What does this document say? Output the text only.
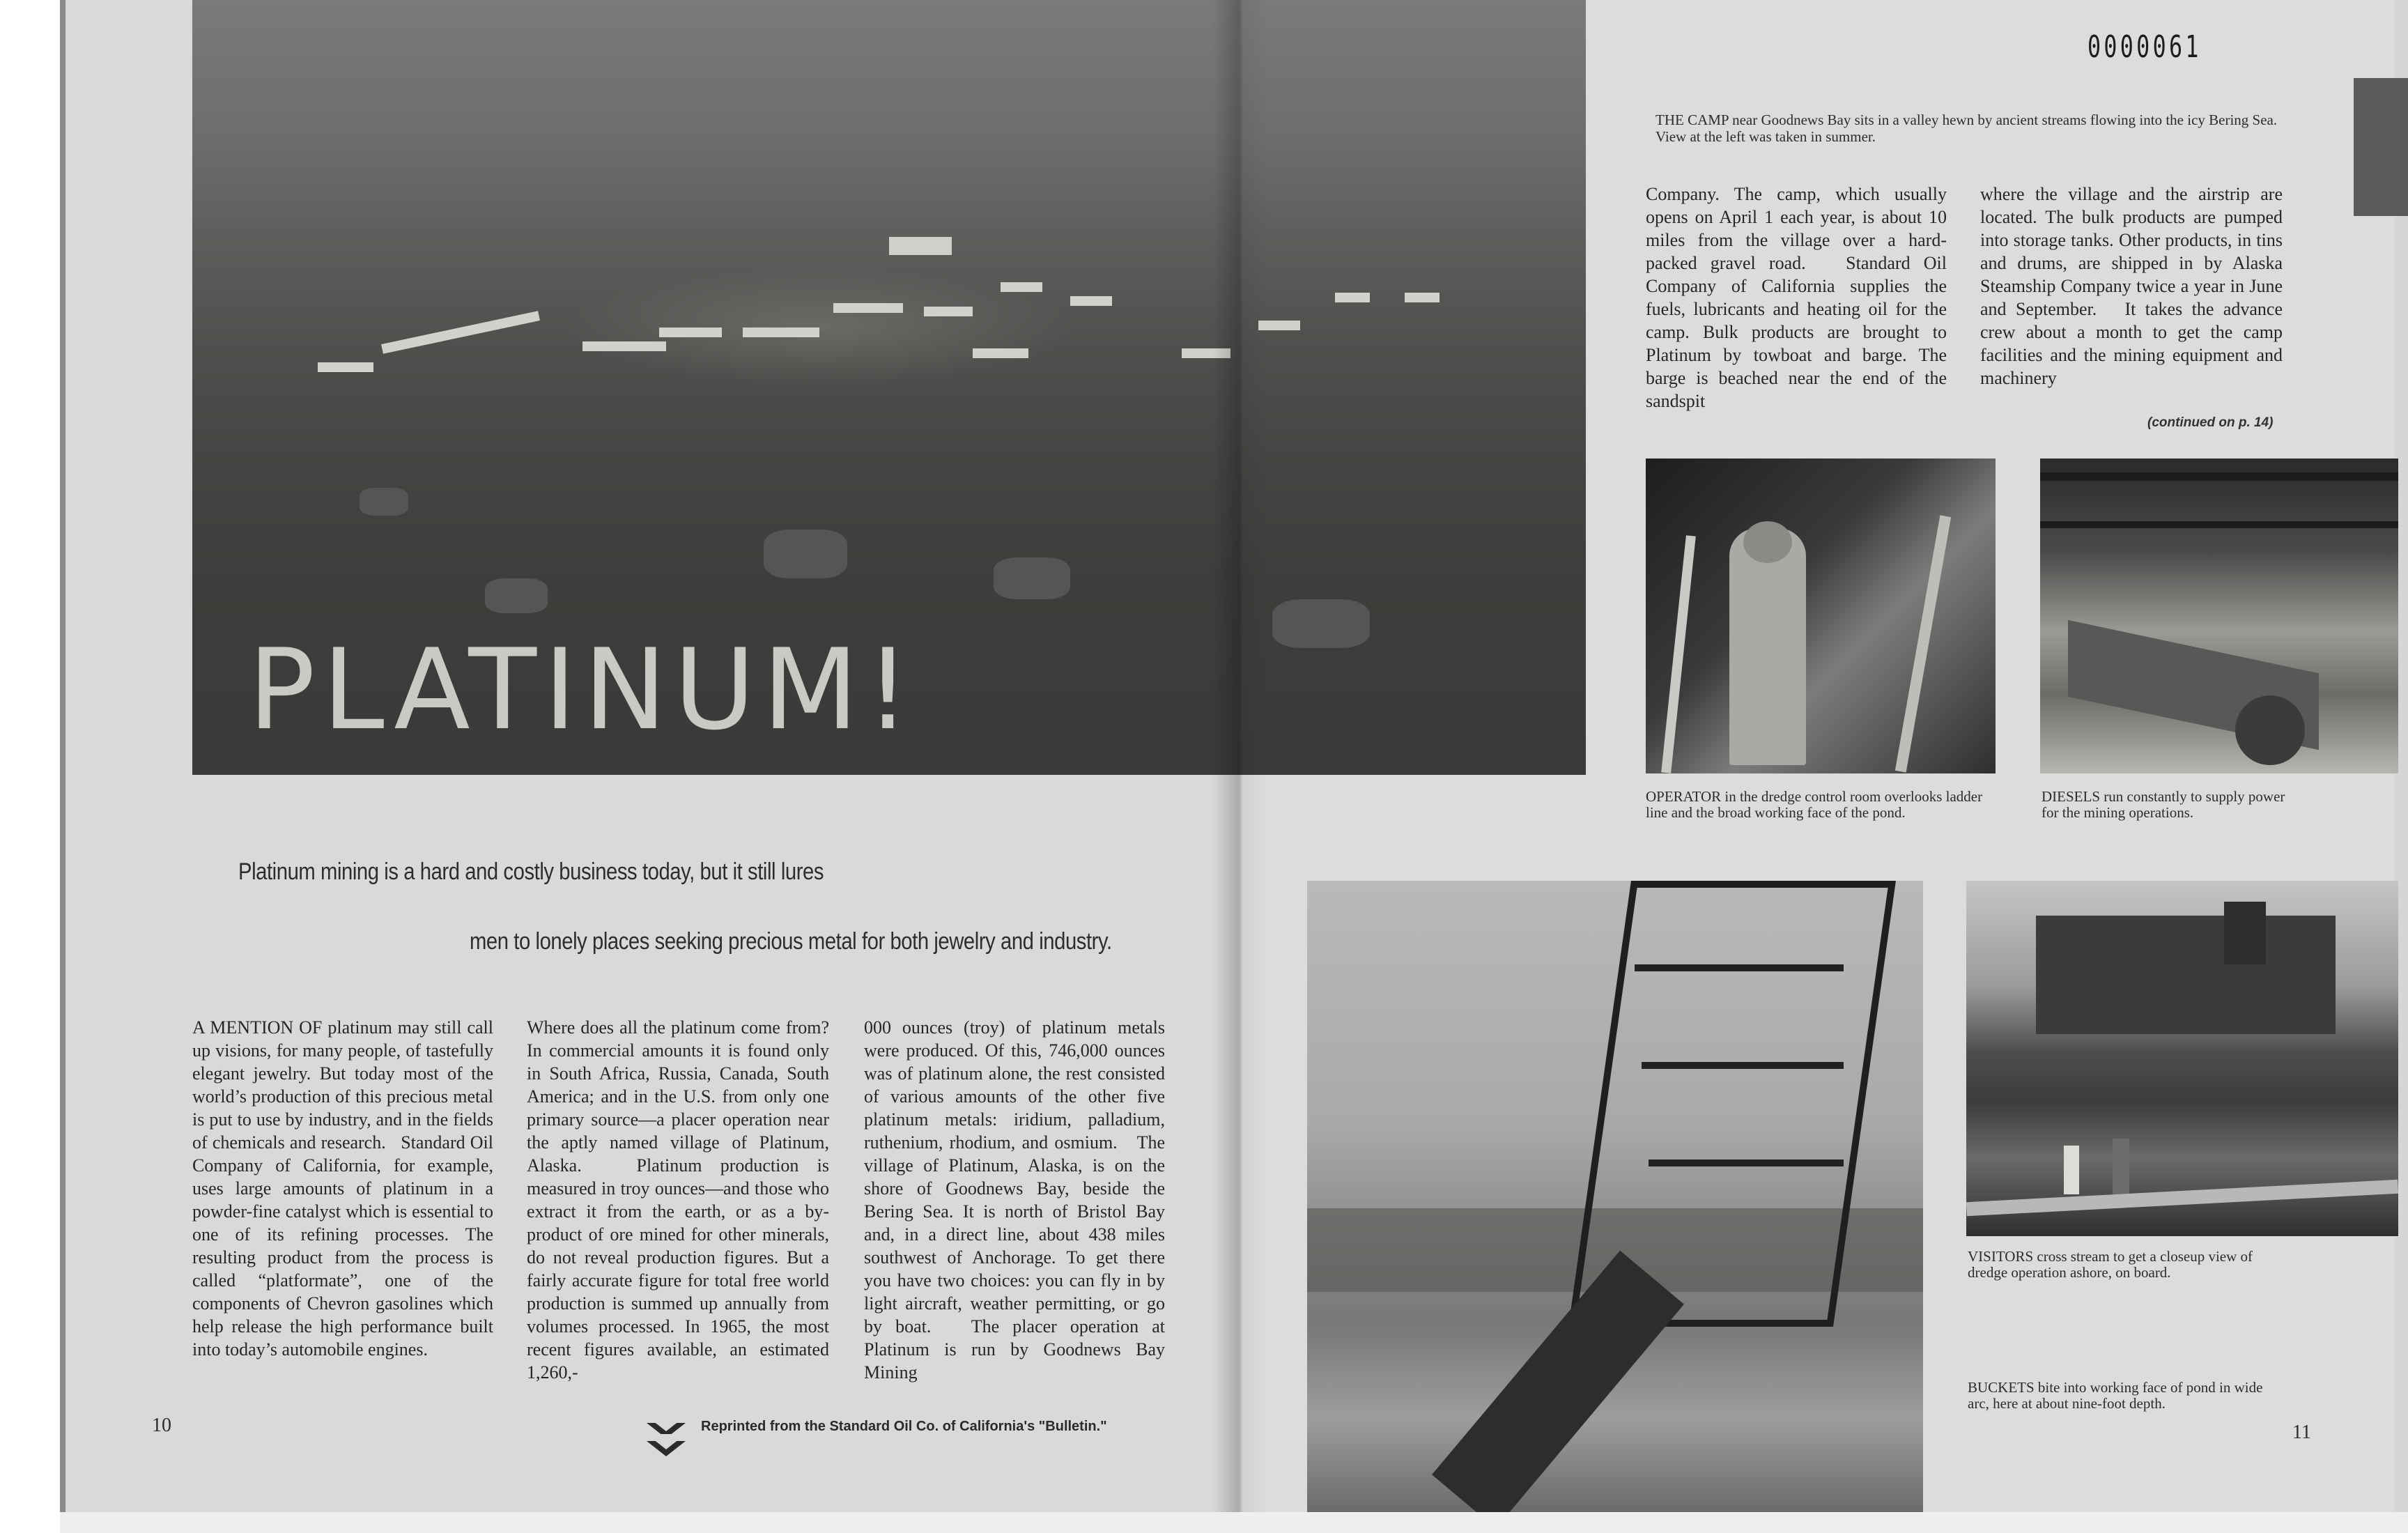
PLATINUM!
0000061
Platinum mining is a hard and costly business today, but it still lures
men to lonely places seeking precious metal for both jewelry and industry.
A MENTION OF platinum may still call up visions, for many people, of tastefully elegant jewelry. But today most of the world’s production of this precious metal is put to use by industry, and in the fields of chemicals and research.   Standard Oil Company of California, for example, uses large amounts of platinum in a powder-fine catalyst which is essential to one of its refining processes. The resulting product from the process is called “platformate”, one of the components of Chevron gasolines which help release the high performance built into today’s automobile engines.
Where does all the platinum come from? In commercial amounts it is found only in South Africa, Russia, Canada, South America; and in the U.S. from only one primary source—a placer operation near the aptly named village of Platinum, Alaska.   Platinum production is measured in troy ounces—and those who extract it from the earth, or as a by-product of ore mined for other minerals, do not reveal production figures. But a fairly accurate figure for total free world production is summed up annually from volumes processed. In 1965, the most recent figures available, an estimated 1,260,-
000 ounces (troy) of platinum metals were produced. Of this, 746,000 ounces was of platinum alone, the rest consisted of various amounts of the other five platinum metals: iridium, palladium, ruthenium, rhodium, and osmium.   The village of Platinum, Alaska, is on the shore of Goodnews Bay, beside the Bering Sea. It is north of Bristol Bay and, in a direct line, about 438 miles southwest of Anchorage. To get there you have two choices: you can fly in by light aircraft, weather permitting, or go by boat.   The placer operation at Platinum is run by Goodnews Bay Mining
10	Reprinted from the Standard Oil Co. of California's "Bulletin."
THE CAMP near Goodnews Bay sits in a valley hewn by ancient streams flowing into the icy Bering Sea. View at the left was taken in summer.
Company. The camp, which usually opens on April 1 each year, is about 10 miles from the village over a hard-packed gravel road.   Standard Oil Company of California supplies the fuels, lubricants and heating oil for the camp. Bulk products are brought to Platinum by towboat and barge. The barge is beached near the end of the sandspit
where the village and the airstrip are located. The bulk products are pumped into storage tanks. Other products, in tins and drums, are shipped in by Alaska Steamship Company twice a year in June and September.   It takes the advance crew about a month to get the camp facilities and the mining equipment and machinery
(continued on p. 14)
OPERATOR in the dredge control room overlooks ladder line and the broad working face of the pond.
DIESELS run constantly to supply power for the mining operations.
VISITORS cross stream to get a closeup view of dredge operation ashore, on board.
BUCKETS bite into working face of pond in wide arc, here at about nine-foot depth.
11
